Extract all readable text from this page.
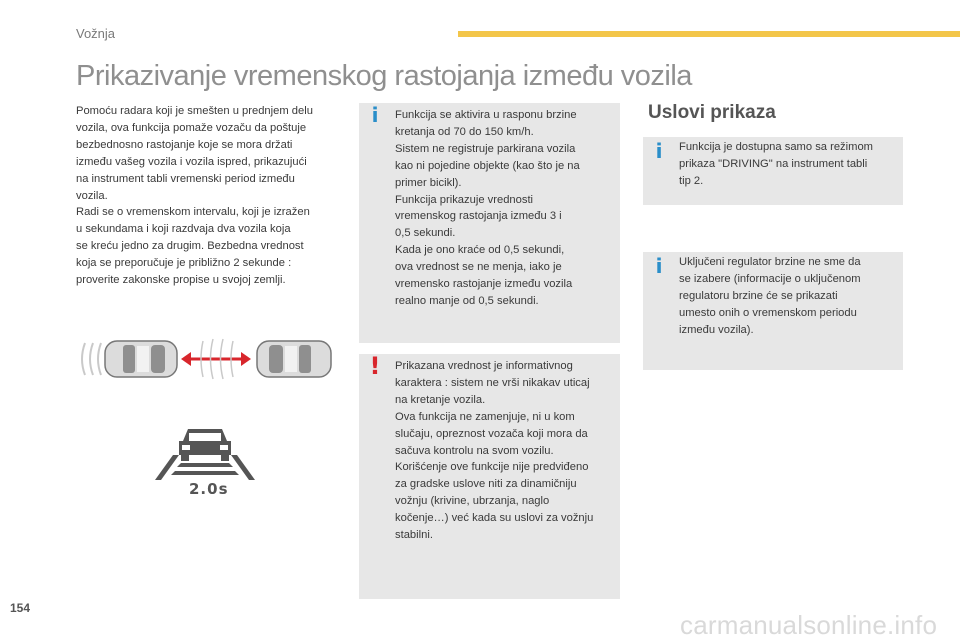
Vožnja
Prikazivanje vremenskog rastojanja između vozila

Pomoću radara koji je smešten u prednjem delu

vozila, ova funkcija pomaže vozaču da poštuje

bezbednosno rastojanje koje se mora držati

između vašeg vozila i vozila ispred, prikazujući

na instrument tabli vremenski period između

vozila.

Radi se o vremenskom intervalu, koji je izražen

u sekundama i koji razdvaja dva vozila koja

se kreću jedno za drugim. Bezbedna vrednost

koja se preporučuje je približno 2 sekunde :

proverite zakonske propise u svojoj zemlji.

i Funkcija se aktivira u rasponu brzine

kretanja od 70 do 150 km/h.

Sistem ne registruje parkirana vozila

kao ni pojedine objekte (kao što je na

primer bicikl).

Funkcija prikazuje vrednosti

vremenskog rastojanja između 3 i

0,5 sekundi.

Kada je ono kraće od 0,5 sekundi,

ova vrednost se ne menja, iako je

vremensko rastojanje između vozila

realno manje od 0,5 sekundi.

! Prikazana vrednost je informativnog

karaktera : sistem ne vrši nikakav uticaj

na kretanje vozila.

Ova funkcija ne zamenjuje, ni u kom

slučaju, opreznost vozača koji mora da

sačuva kontrolu na svom vozilu.

Korišćenje ove funkcije nije predviđeno

za gradske uslove niti za dinamičniju

vožnju (krivine, ubrzanja, naglo

kočenje…) već kada su uslovi za vožnju

stabilni.

Uslovi prikaza
i Funkcija je dostupna samo sa režimom

prikaza "DRIVING" na instrument tabli

tip 2.

i Uključeni regulator brzine ne sme da

se izabere (informacije o uključenom

regulatoru brzine će se prikazati

umesto onih o vremenskom periodu

između vozila).

2.0s
154
carmanualsonline.info
